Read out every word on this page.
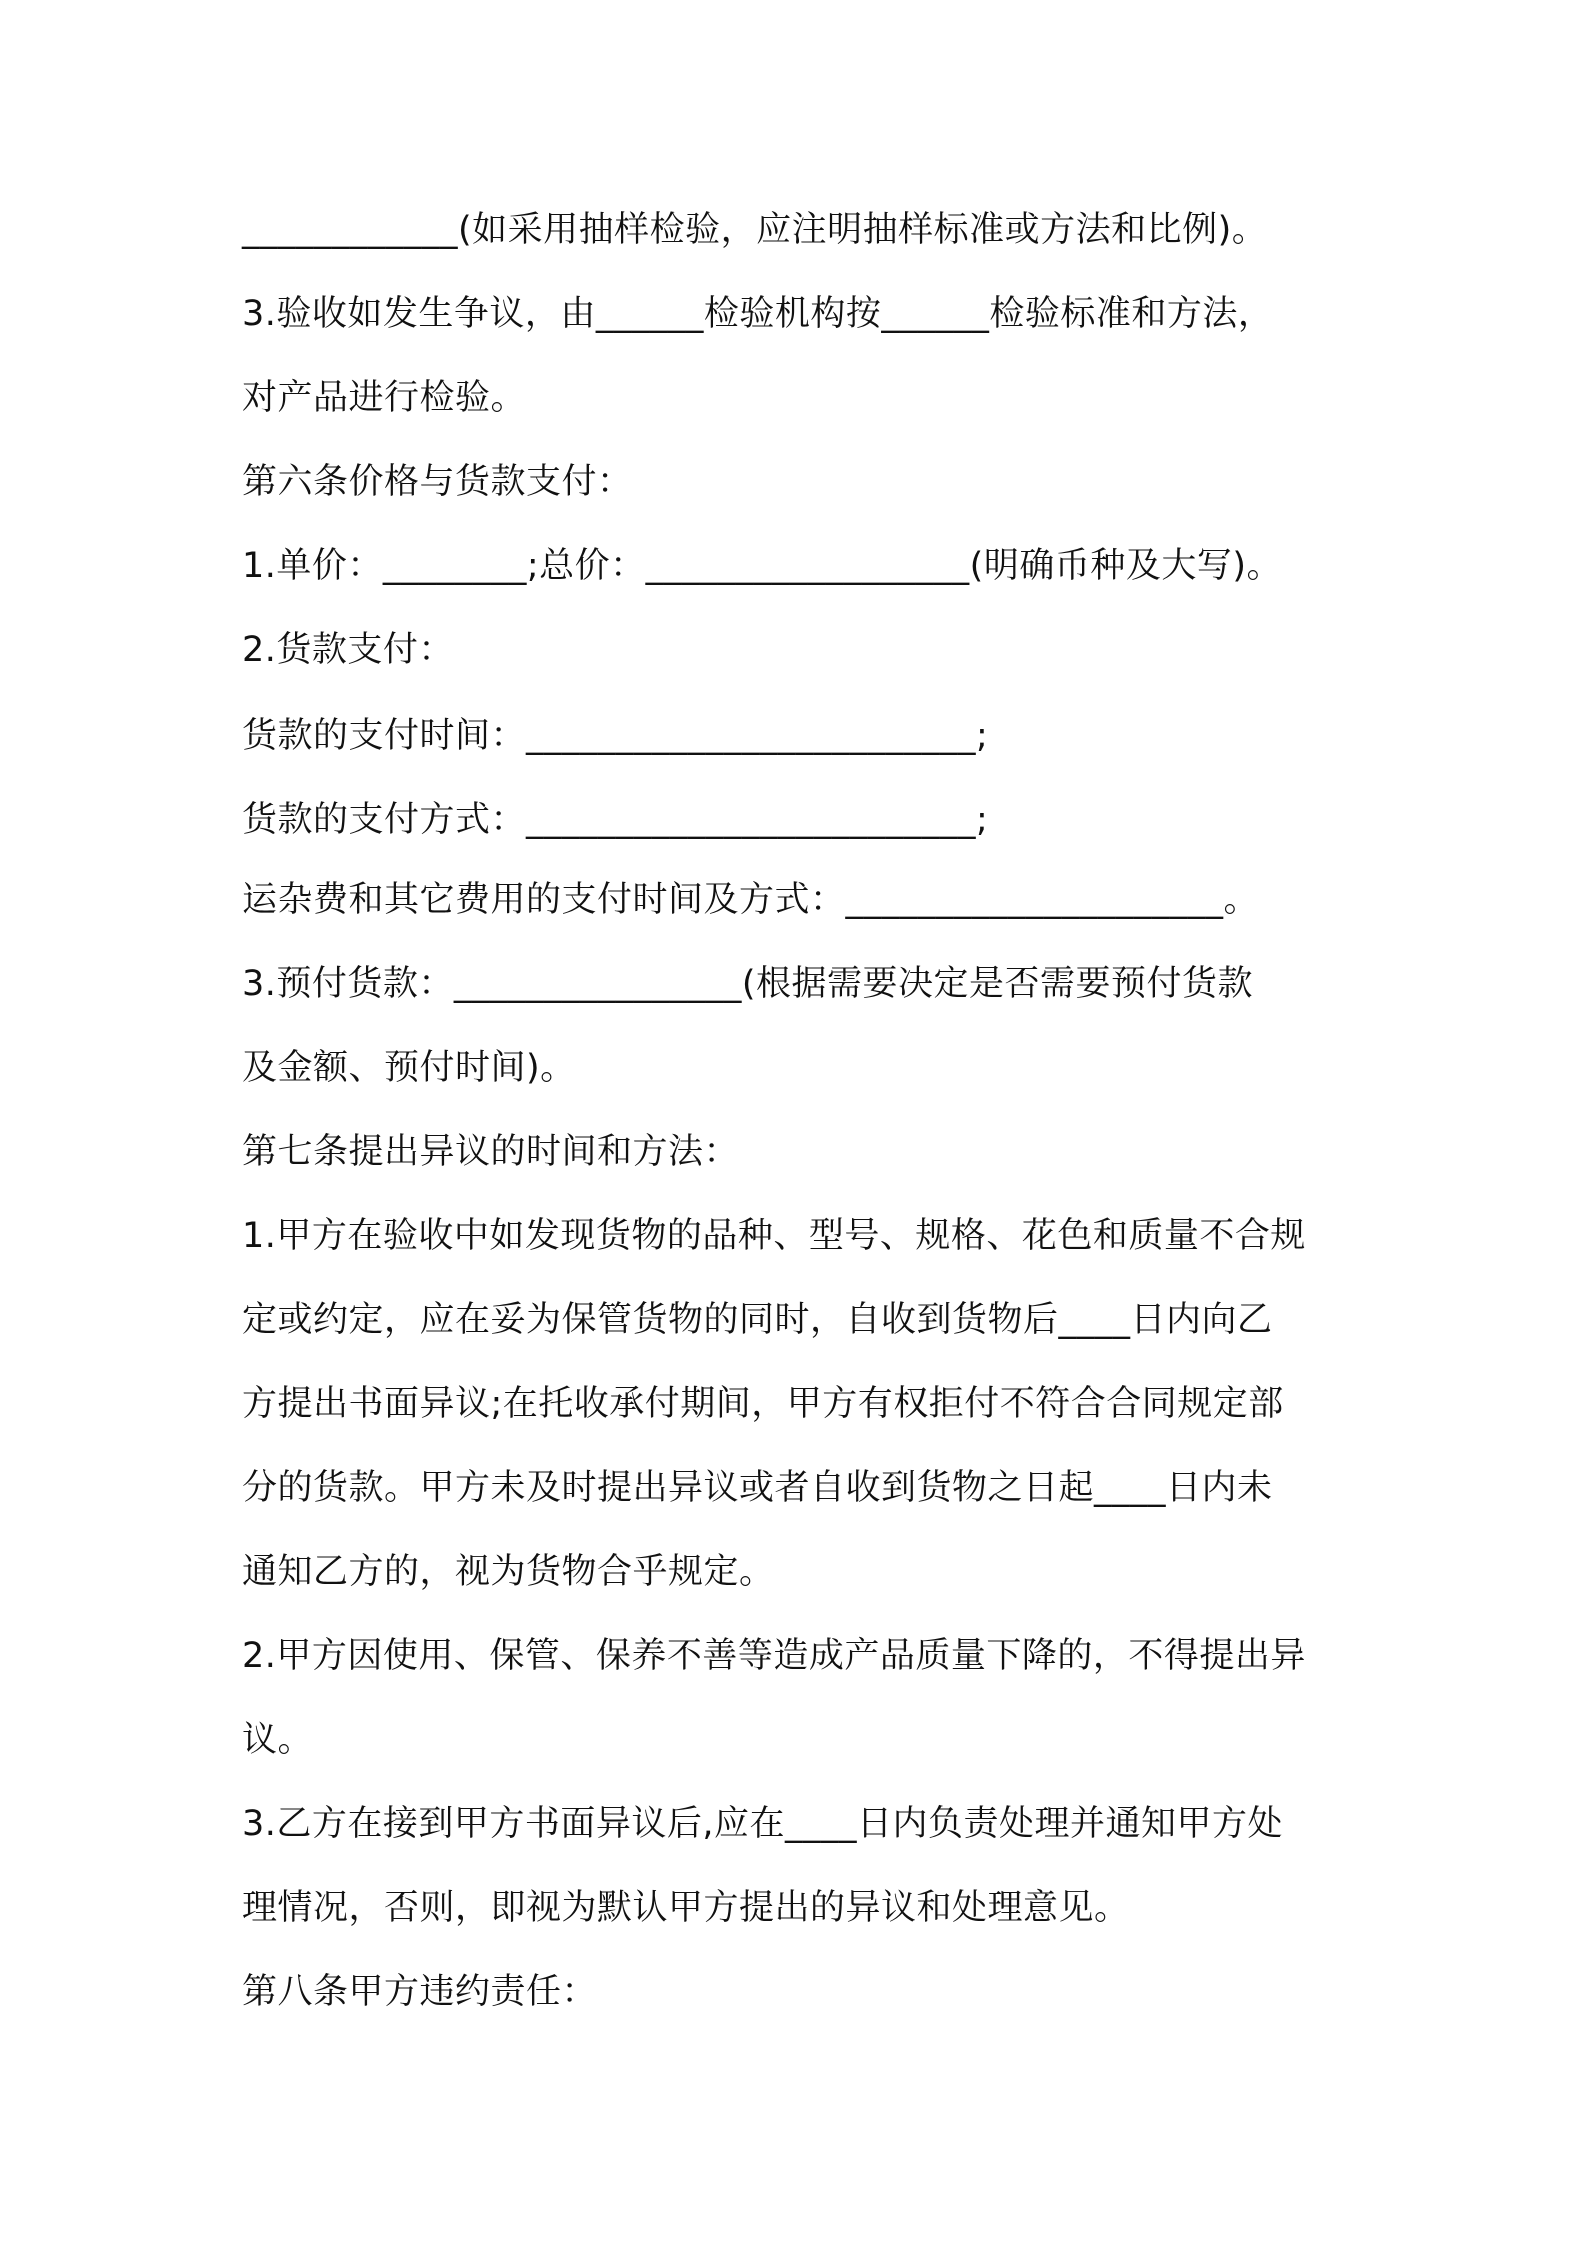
____________(如采用抽样检验，应注明抽样标准或方法和比例)。
3.验收如发生争议，由______检验机构按______检验标准和方法，
对产品进行检验。
第六条价格与货款支付：
1.单价：________;总价：__________________(明确币种及大写)。
2.货款支付：
货款的支付时间：_________________________;
货款的支付方式：_________________________;
运杂费和其它费用的支付时间及方式：_____________________。
3.预付货款：________________(根据需要决定是否需要预付货款
及金额、预付时间)。
第七条提出异议的时间和方法：
1.甲方在验收中如发现货物的品种、型号、规格、花色和质量不合规
定或约定，应在妥为保管货物的同时，自收到货物后____日内向乙
方提出书面异议;在托收承付期间，甲方有权拒付不符合合同规定部
分的货款。甲方未及时提出异议或者自收到货物之日起____日内未
通知乙方的，视为货物合乎规定。
2.甲方因使用、保管、保养不善等造成产品质量下降的，不得提出异
议。
3.乙方在接到甲方书面异议后,应在____日内负责处理并通知甲方处
理情况，否则，即视为默认甲方提出的异议和处理意见。
第八条甲方违约责任：
